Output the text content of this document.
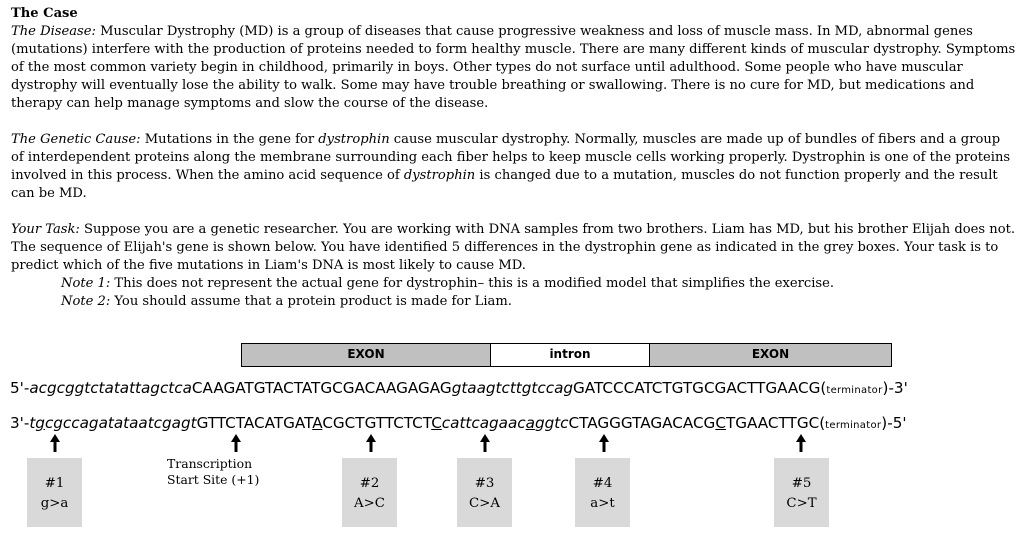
The Case

The Disease: Muscular Dystrophy (MD) is a group of diseases that cause progressive weakness and loss of muscle mass. In MD, abnormal genes (mutations) interfere with the production of proteins needed to form healthy muscle. There are many different kinds of muscular dystrophy. Symptoms of the most common variety begin in childhood, primarily in boys. Other types do not surface until adulthood. Some people who have muscular dystrophy will eventually lose the ability to walk. Some may have trouble breathing or swallowing. There is no cure for MD, but medications and therapy can help manage symptoms and slow the course of the disease.

The Genetic Cause: Mutations in the gene for dystrophin cause muscular dystrophy. Normally, muscles are made up of bundles of fibers and a group of interdependent proteins along the membrane surrounding each fiber helps to keep muscle cells working properly. Dystrophin is one of the proteins involved in this process. When the amino acid sequence of dystrophin is changed due to a mutation, muscles do not function properly and the result can be MD.

Your Task: Suppose you are a genetic researcher. You are working with DNA samples from two brothers. Liam has MD, but his brother Elijah does not. The sequence of Elijah's gene is shown below. You have identified 5 differences in the dystrophin gene as indicated in the grey boxes. Your task is to predict which of the five mutations in Liam's DNA is most likely to cause MD.

Note 1: This does not represent the actual gene for dystrophin– this is a modified model that simplifies the exercise.

Note 2: You should assume that a protein product is made for Liam.

EXON	intron	EXON
5'-acgcggtctatattagctcaCAAGATGTACTATGCGACAAGAGAGgtaagtcttgtccagGATCCCATCTGTGCGACTTGAACG(terminator)-3'
3'-tgcgccagatataatcgagtGTTCTACATGATACGCTGTTCTCTCcattcagaacaggtcCTAGGGTAGACACGCTGAACTTGC(terminator)-5'
Transcription
Start Site (+1)
#1
g>a
#2
A>C
#3
C>A
#4
a>t
#5
C>T
